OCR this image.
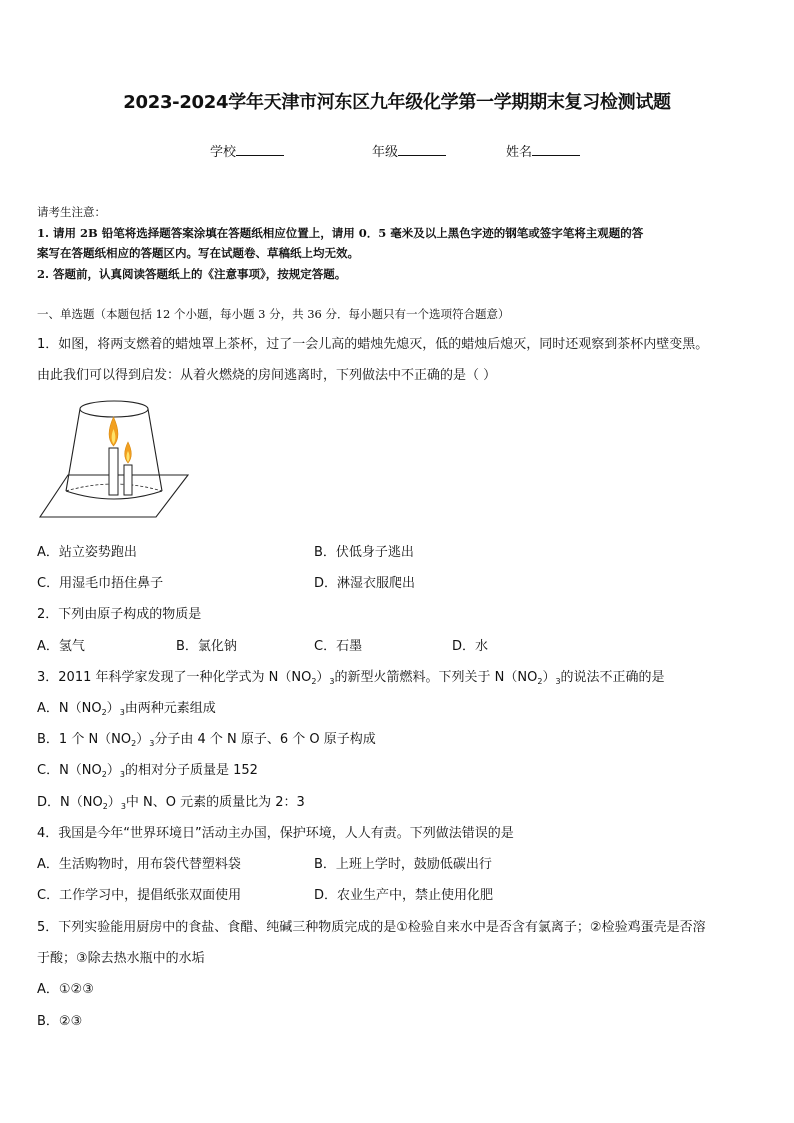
2023-2024学年天津市河东区九年级化学第一学期期末复习检测试题
学校	年级	姓名
请考生注意：
1. 请用 2B 铅笔将选择题答案涂填在答题纸相应位置上，请用 0．5 毫米及以上黑色字迹的钢笔或签字笔将主观题的答
案写在答题纸相应的答题区内。写在试题卷、草稿纸上均无效。
2. 答题前，认真阅读答题纸上的《注意事项》，按规定答题。
一、单选题（本题包括 12 个小题，每小题 3 分，共 36 分．每小题只有一个选项符合题意）
1．如图，将两支燃着的蜡烛罩上茶杯，过了一会儿高的蜡烛先熄灭，低的蜡烛后熄灭，同时还观察到茶杯内壁变黑。
由此我们可以得到启发：从着火燃烧的房间逃离时，下列做法中不正确的是（ ）
A．站立姿势跑出	B．伏低身子逃出
C．用湿毛巾捂住鼻子	D．淋湿衣服爬出
2．下列由原子构成的物质是
A．氢气	B．氯化钠	C．石墨	D．水
3．2011 年科学家发现了一种化学式为 $N(NO_2)_3$的新型火箭燃料。下列关于 $N(NO_2)_3$的说法不正确的是
A．$N(NO_2)_3$由两种元素组成
B．1 个 $N(NO_2)_3$分子由 4 个 N 原子、6 个 O 原子构成
C．$N(NO_2)_3$的相对分子质量是 152
D．$N(NO_2)_3$中 N、O 元素的质量比为 2：3
4．我国是今年“世界环境日”活动主办国，保护环境，人人有责。下列做法错误的是
A．生活购物时，用布袋代替塑料袋	B．上班上学时，鼓励低碳出行
C．工作学习中，提倡纸张双面使用	D．农业生产中，禁止使用化肥
5．下列实验能用厨房中的食盐、食醋、纯碱三种物质完成的是①检验自来水中是否含有氯离子；②检验鸡蛋壳是否溶
于酸；③除去热水瓶中的水垢
A．①②③
B．②③
